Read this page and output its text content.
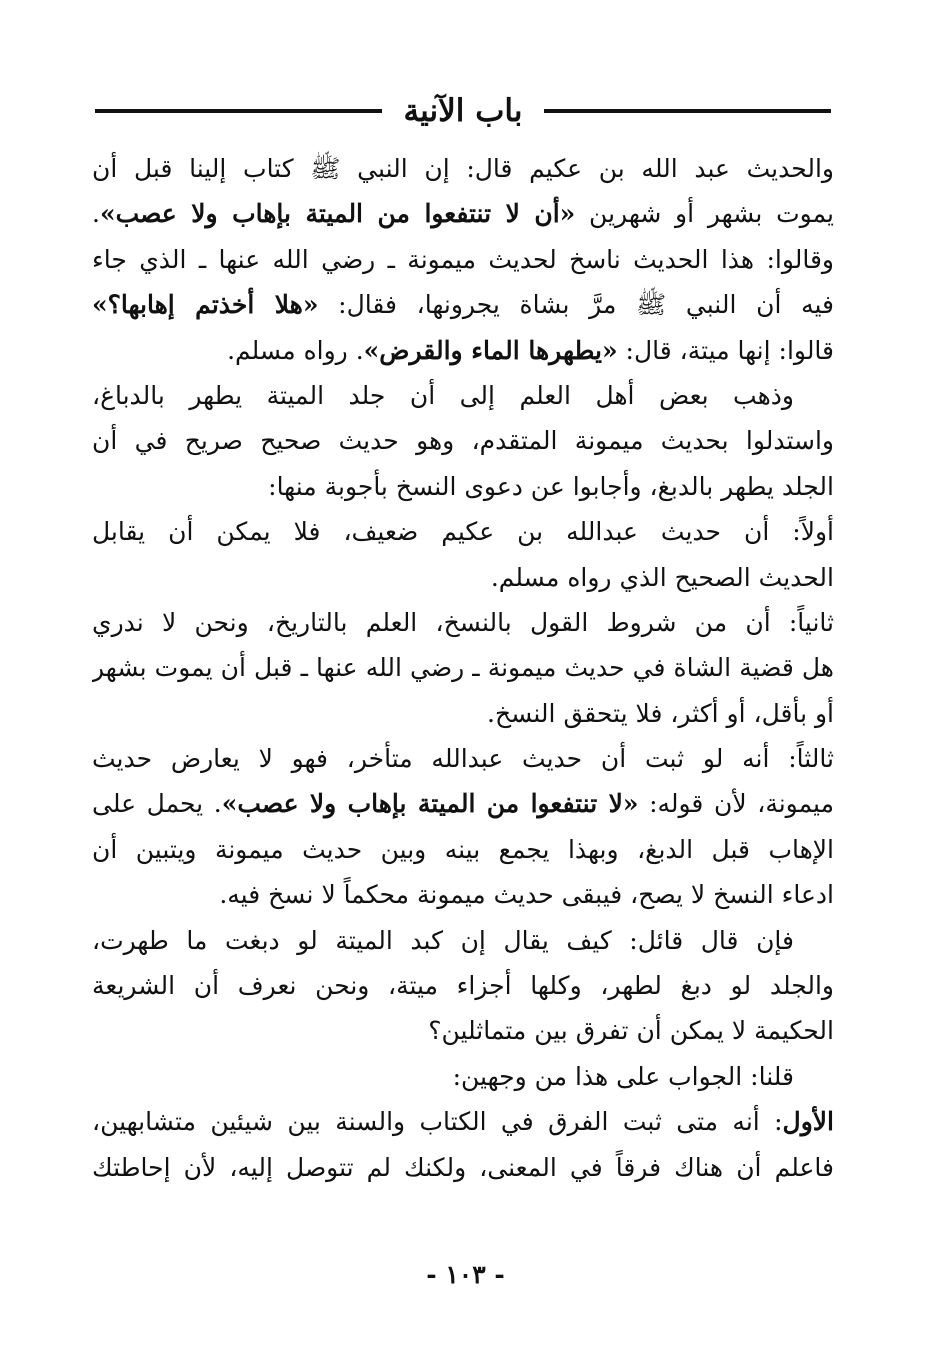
باب الآنية
والحديث عبد الله بن عكيم قال: إن النبي ﷺ كتاب إلينا قبل أن
يموت بشهر أو شهرين «أن لا تنتفعوا من الميتة بإهاب ولا عصب».
وقالوا: هذا الحديث ناسخ لحديث ميمونة ـ رضي الله عنها ـ الذي جاء
فيه أن النبي ﷺ مرَّ بشاة يجرونها، فقال: «هلا أخذتم إهابها؟»
قالوا: إنها ميتة، قال: «يطهرها الماء والقرض». رواه مسلم.
وذهب بعض أهل العلم إلى أن جلد الميتة يطهر بالدباغ،
واستدلوا بحديث ميمونة المتقدم، وهو حديث صحيح صريح في أن
الجلد يطهر بالدبغ، وأجابوا عن دعوى النسخ بأجوبة منها:
أولاً: أن حديث عبدالله بن عكيم ضعيف، فلا يمكن أن يقابل
الحديث الصحيح الذي رواه مسلم.
ثانياً: أن من شروط القول بالنسخ، العلم بالتاريخ، ونحن لا ندري
هل قضية الشاة في حديث ميمونة ـ رضي الله عنها ـ قبل أن يموت بشهر
أو بأقل، أو أكثر، فلا يتحقق النسخ.
ثالثاً: أنه لو ثبت أن حديث عبدالله متأخر، فهو لا يعارض حديث
ميمونة، لأن قوله: «لا تنتفعوا من الميتة بإهاب ولا عصب». يحمل على
الإهاب قبل الدبغ، وبهذا يجمع بينه وبين حديث ميمونة ويتبين أن
ادعاء النسخ لا يصح، فيبقى حديث ميمونة محكماً لا نسخ فيه.
فإن قال قائل: كيف يقال إن كبد الميتة لو دبغت ما طهرت،
والجلد لو دبغ لطهر، وكلها أجزاء ميتة، ونحن نعرف أن الشريعة
الحكيمة لا يمكن أن تفرق بين متماثلين؟
قلنا: الجواب على هذا من وجهين:
الأول: أنه متى ثبت الفرق في الكتاب والسنة بين شيئين متشابهين،
فاعلم أن هناك فرقاً في المعنى، ولكنك لم تتوصل إليه، لأن إحاطتك
- ١٠٣ -
